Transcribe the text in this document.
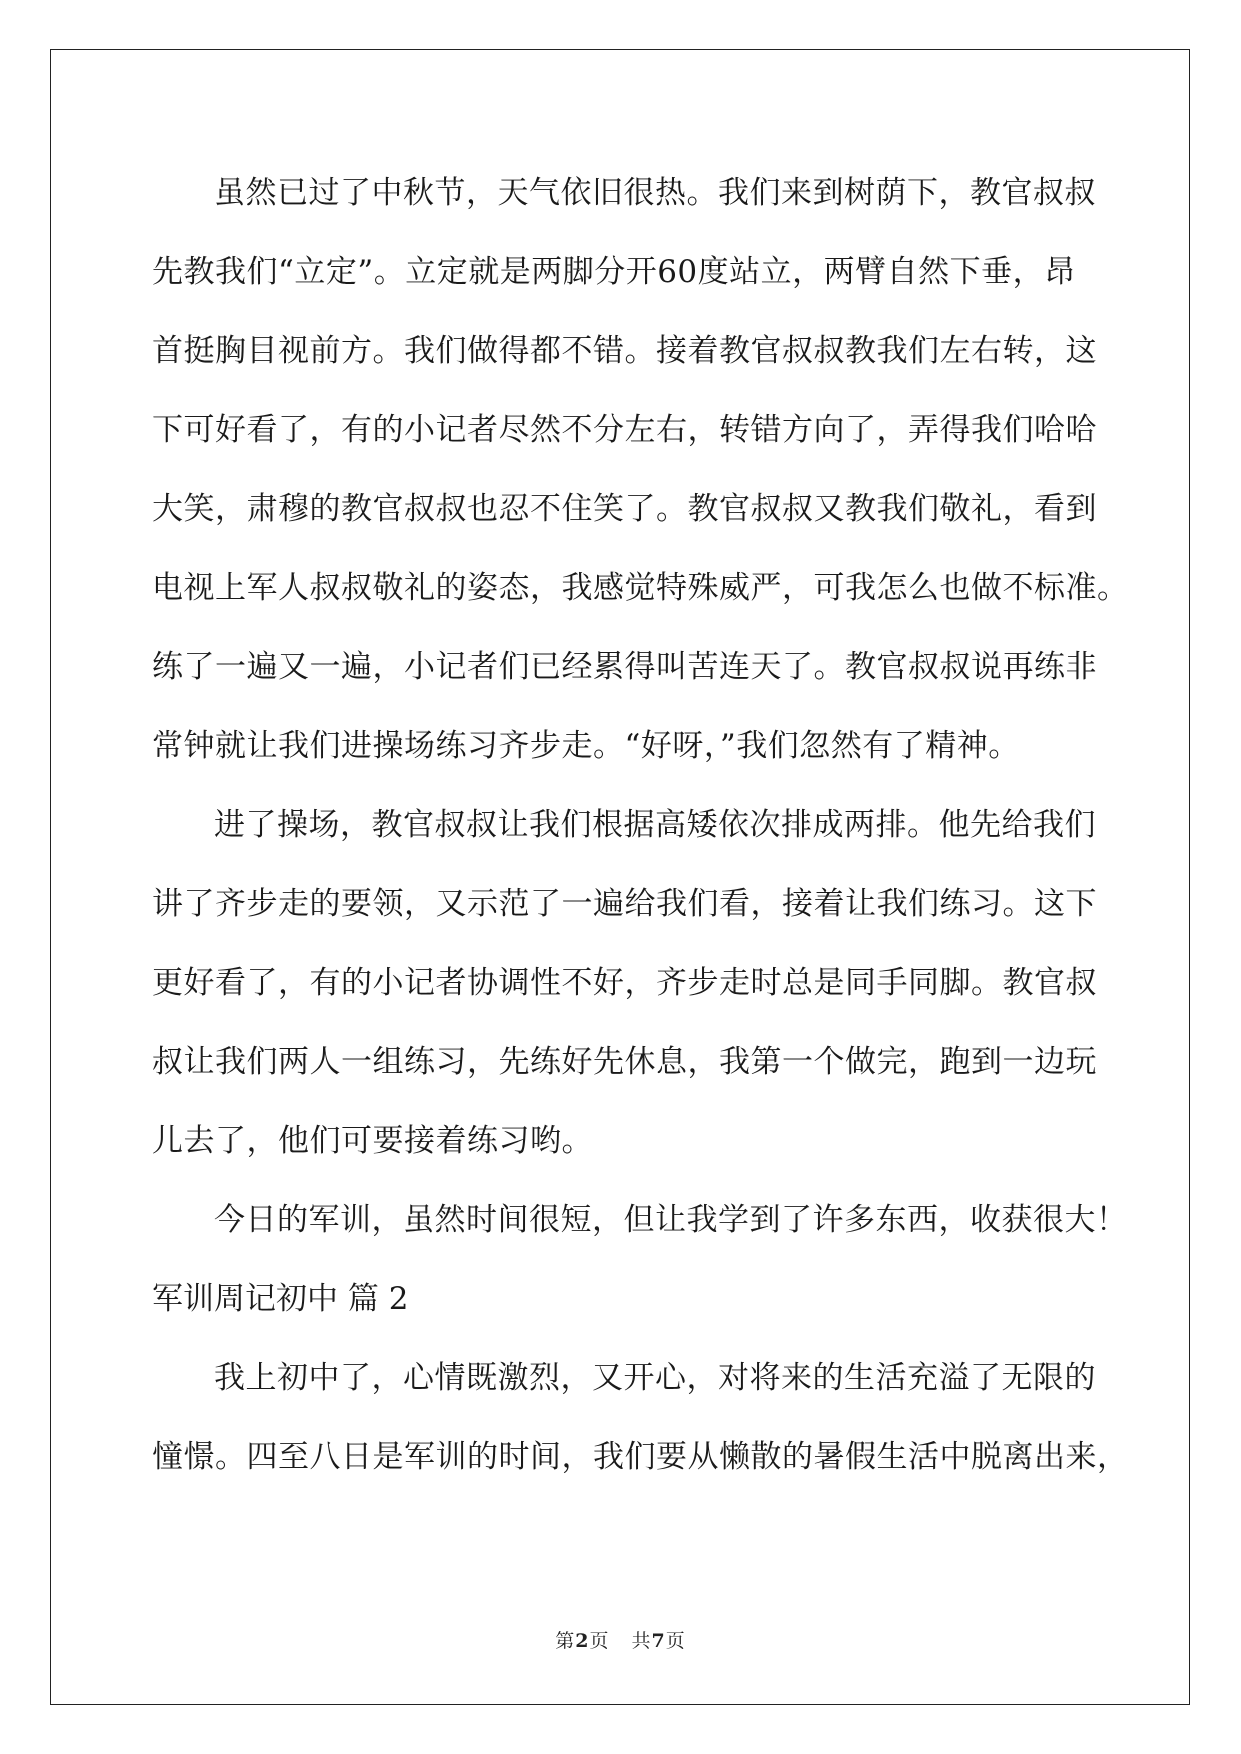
虽然已过了中秋节，天气依旧很热。我们来到树荫下，教官叔叔
先教我们“立定”。立定就是两脚分开60度站立，两臂自然下垂，昂
首挺胸目视前方。我们做得都不错。接着教官叔叔教我们左右转，这
下可好看了，有的小记者尽然不分左右，转错方向了，弄得我们哈哈
大笑，肃穆的教官叔叔也忍不住笑了。教官叔叔又教我们敬礼，看到
电视上军人叔叔敬礼的姿态，我感觉特殊威严，可我怎么也做不标准。
练了一遍又一遍，小记者们已经累得叫苦连天了。教官叔叔说再练非
常钟就让我们进操场练习齐步走。“好呀，”我们忽然有了精神。
进了操场，教官叔叔让我们根据高矮依次排成两排。他先给我们
讲了齐步走的要领，又示范了一遍给我们看，接着让我们练习。这下
更好看了，有的小记者协调性不好，齐步走时总是同手同脚。教官叔
叔让我们两人一组练习，先练好先休息，我第一个做完，跑到一边玩
儿去了，他们可要接着练习哟。
今日的军训，虽然时间很短，但让我学到了许多东西，收获很大！
军训周记初中 篇 2
我上初中了，心情既激烈，又开心，对将来的生活充溢了无限的
憧憬。四至八日是军训的时间，我们要从懒散的暑假生活中脱离出来，
第2页 共7页
